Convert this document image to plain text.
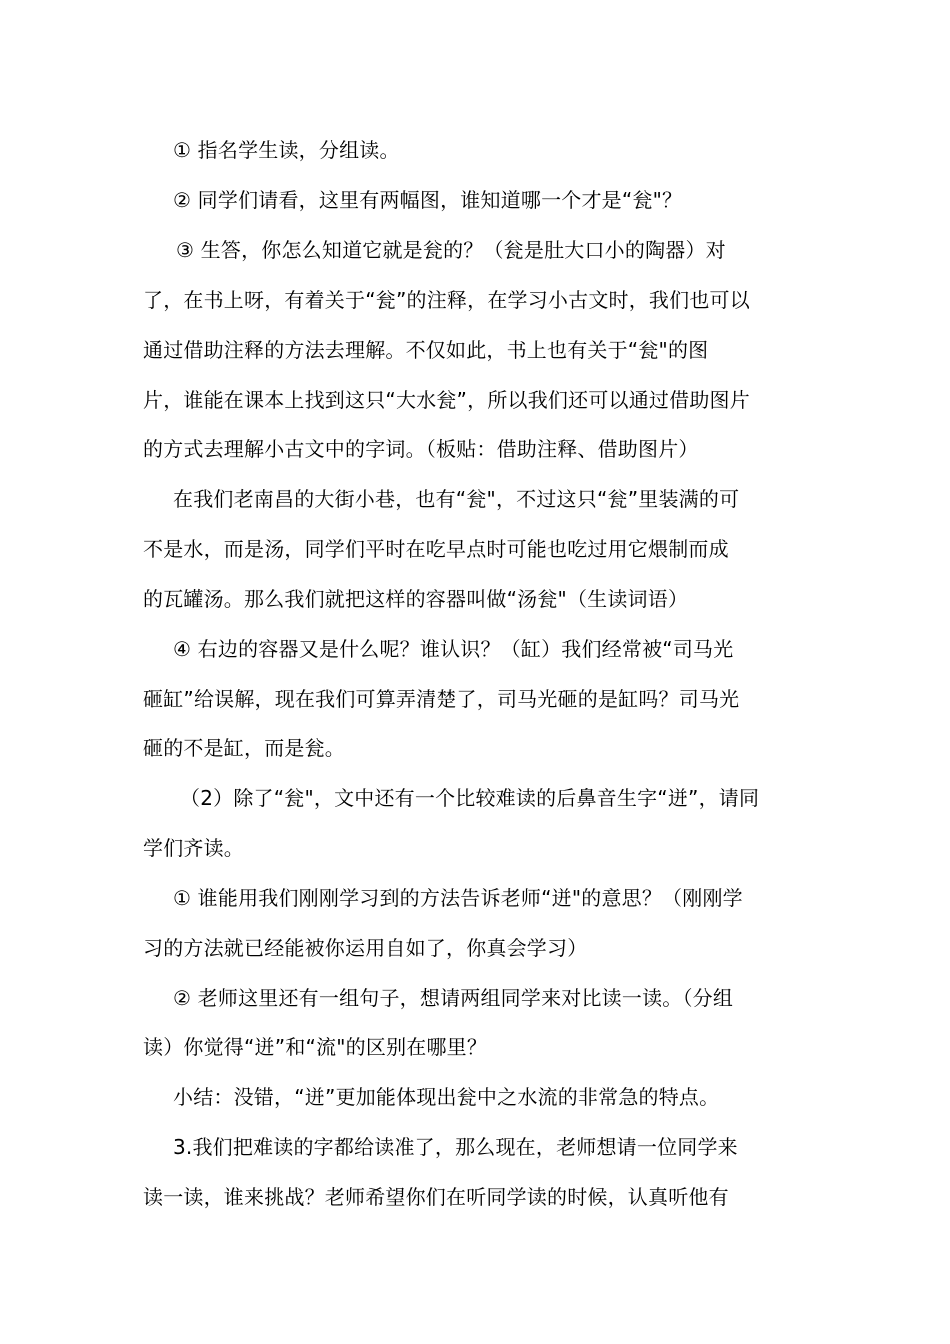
① 指名学生读，分组读。
② 同学们请看，这里有两幅图，谁知道哪一个才是“瓮"？
③ 生答，你怎么知道它就是瓮的？（瓮是肚大口小的陶器）对
了，在书上呀，有着关于“瓮”的注释，在学习小古文时，我们也可以
通过借助注释的方法去理解。不仅如此，书上也有关于“瓮"的图
片，谁能在课本上找到这只“大水瓮”，所以我们还可以通过借助图片
的方式去理解小古文中的字词。（板贴：借助注释、借助图片）
在我们老南昌的大街小巷，也有“瓮"，不过这只“瓮”里装满的可
不是水，而是汤，同学们平时在吃早点时可能也吃过用它煨制而成
的瓦罐汤。那么我们就把这样的容器叫做“汤瓮"（生读词语）
④ 右边的容器又是什么呢？谁认识？（缸）我们经常被“司马光
砸缸”给误解，现在我们可算弄清楚了，司马光砸的是缸吗？司马光
砸的不是缸，而是瓮。
（2）除了“瓮"，文中还有一个比较难读的后鼻音生字“迸”，请同
学们齐读。
① 谁能用我们刚刚学习到的方法告诉老师“迸"的意思？（刚刚学
习的方法就已经能被你运用自如了，你真会学习）
② 老师这里还有一组句子，想请两组同学来对比读一读。（分组
读）你觉得“迸”和“流"的区别在哪里？
小结：没错，“迸”更加能体现出瓮中之水流的非常急的特点。
3.我们把难读的字都给读准了，那么现在，老师想请一位同学来
读一读，谁来挑战？老师希望你们在听同学读的时候，认真听他有
